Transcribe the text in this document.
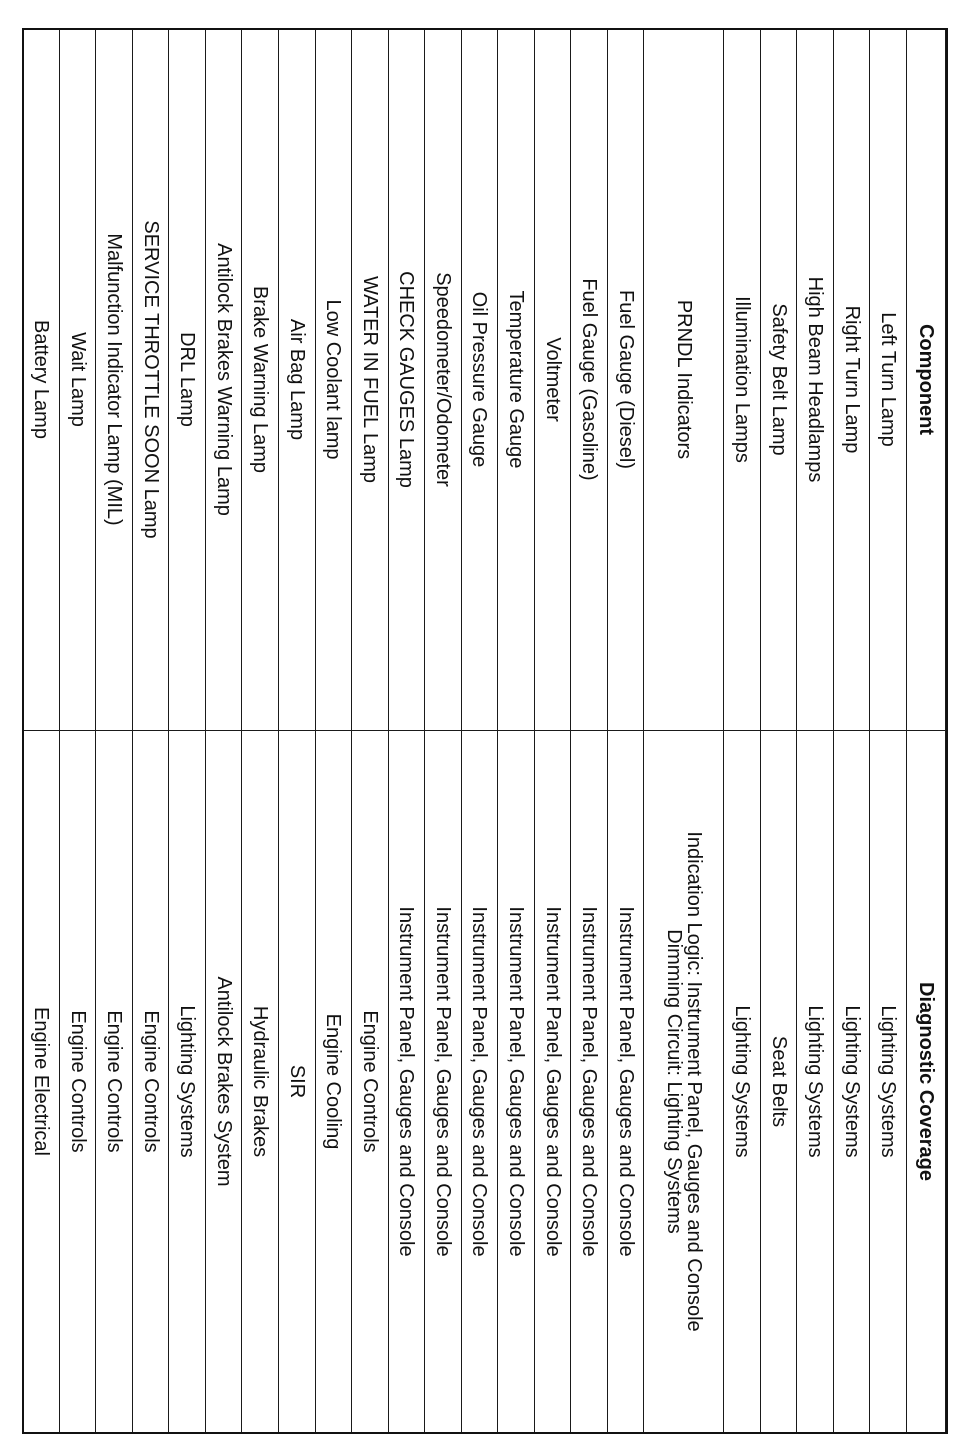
Component	Diagnostic Coverage
Left Turn Lamp	Lighting Systems
Right Turn Lamp	Lighting Systems
High Beam Headlamps	Lighting Systems
Safety Belt Lamp	Seat Belts
Illumination Lamps	Lighting Systems
PRNDL Indicators	Indication Logic: Instrument Panel, Gauges and Console
Dimming Circuit: Lighting Systems

Fuel Gauge (Diesel)	Instrument Panel, Gauges and Console
Fuel Gauge (Gasoline)	Instrument Panel, Gauges and Console
Voltmeter	Instrument Panel, Gauges and Console
Temperature Gauge	Instrument Panel, Gauges and Console
Oil Pressure Gauge	Instrument Panel, Gauges and Console
Speedometer/Odometer	Instrument Panel, Gauges and Console
CHECK GAUGES Lamp	Instrument Panel, Gauges and Console
WATER IN FUEL Lamp	Engine Controls
Low Coolant lamp	Engine Cooling
Air Bag Lamp	SIR
Brake Warning Lamp	Hydraulic Brakes
Antilock Brakes Warning Lamp	Antilock Brakes System
DRL Lamp	Lighting Systems
SERVICE THROTTLE SOON Lamp	Engine Controls
Malfunction Indicator Lamp (MIL)	Engine Controls
Wait Lamp	Engine Controls
Battery Lamp	Engine Electrical
